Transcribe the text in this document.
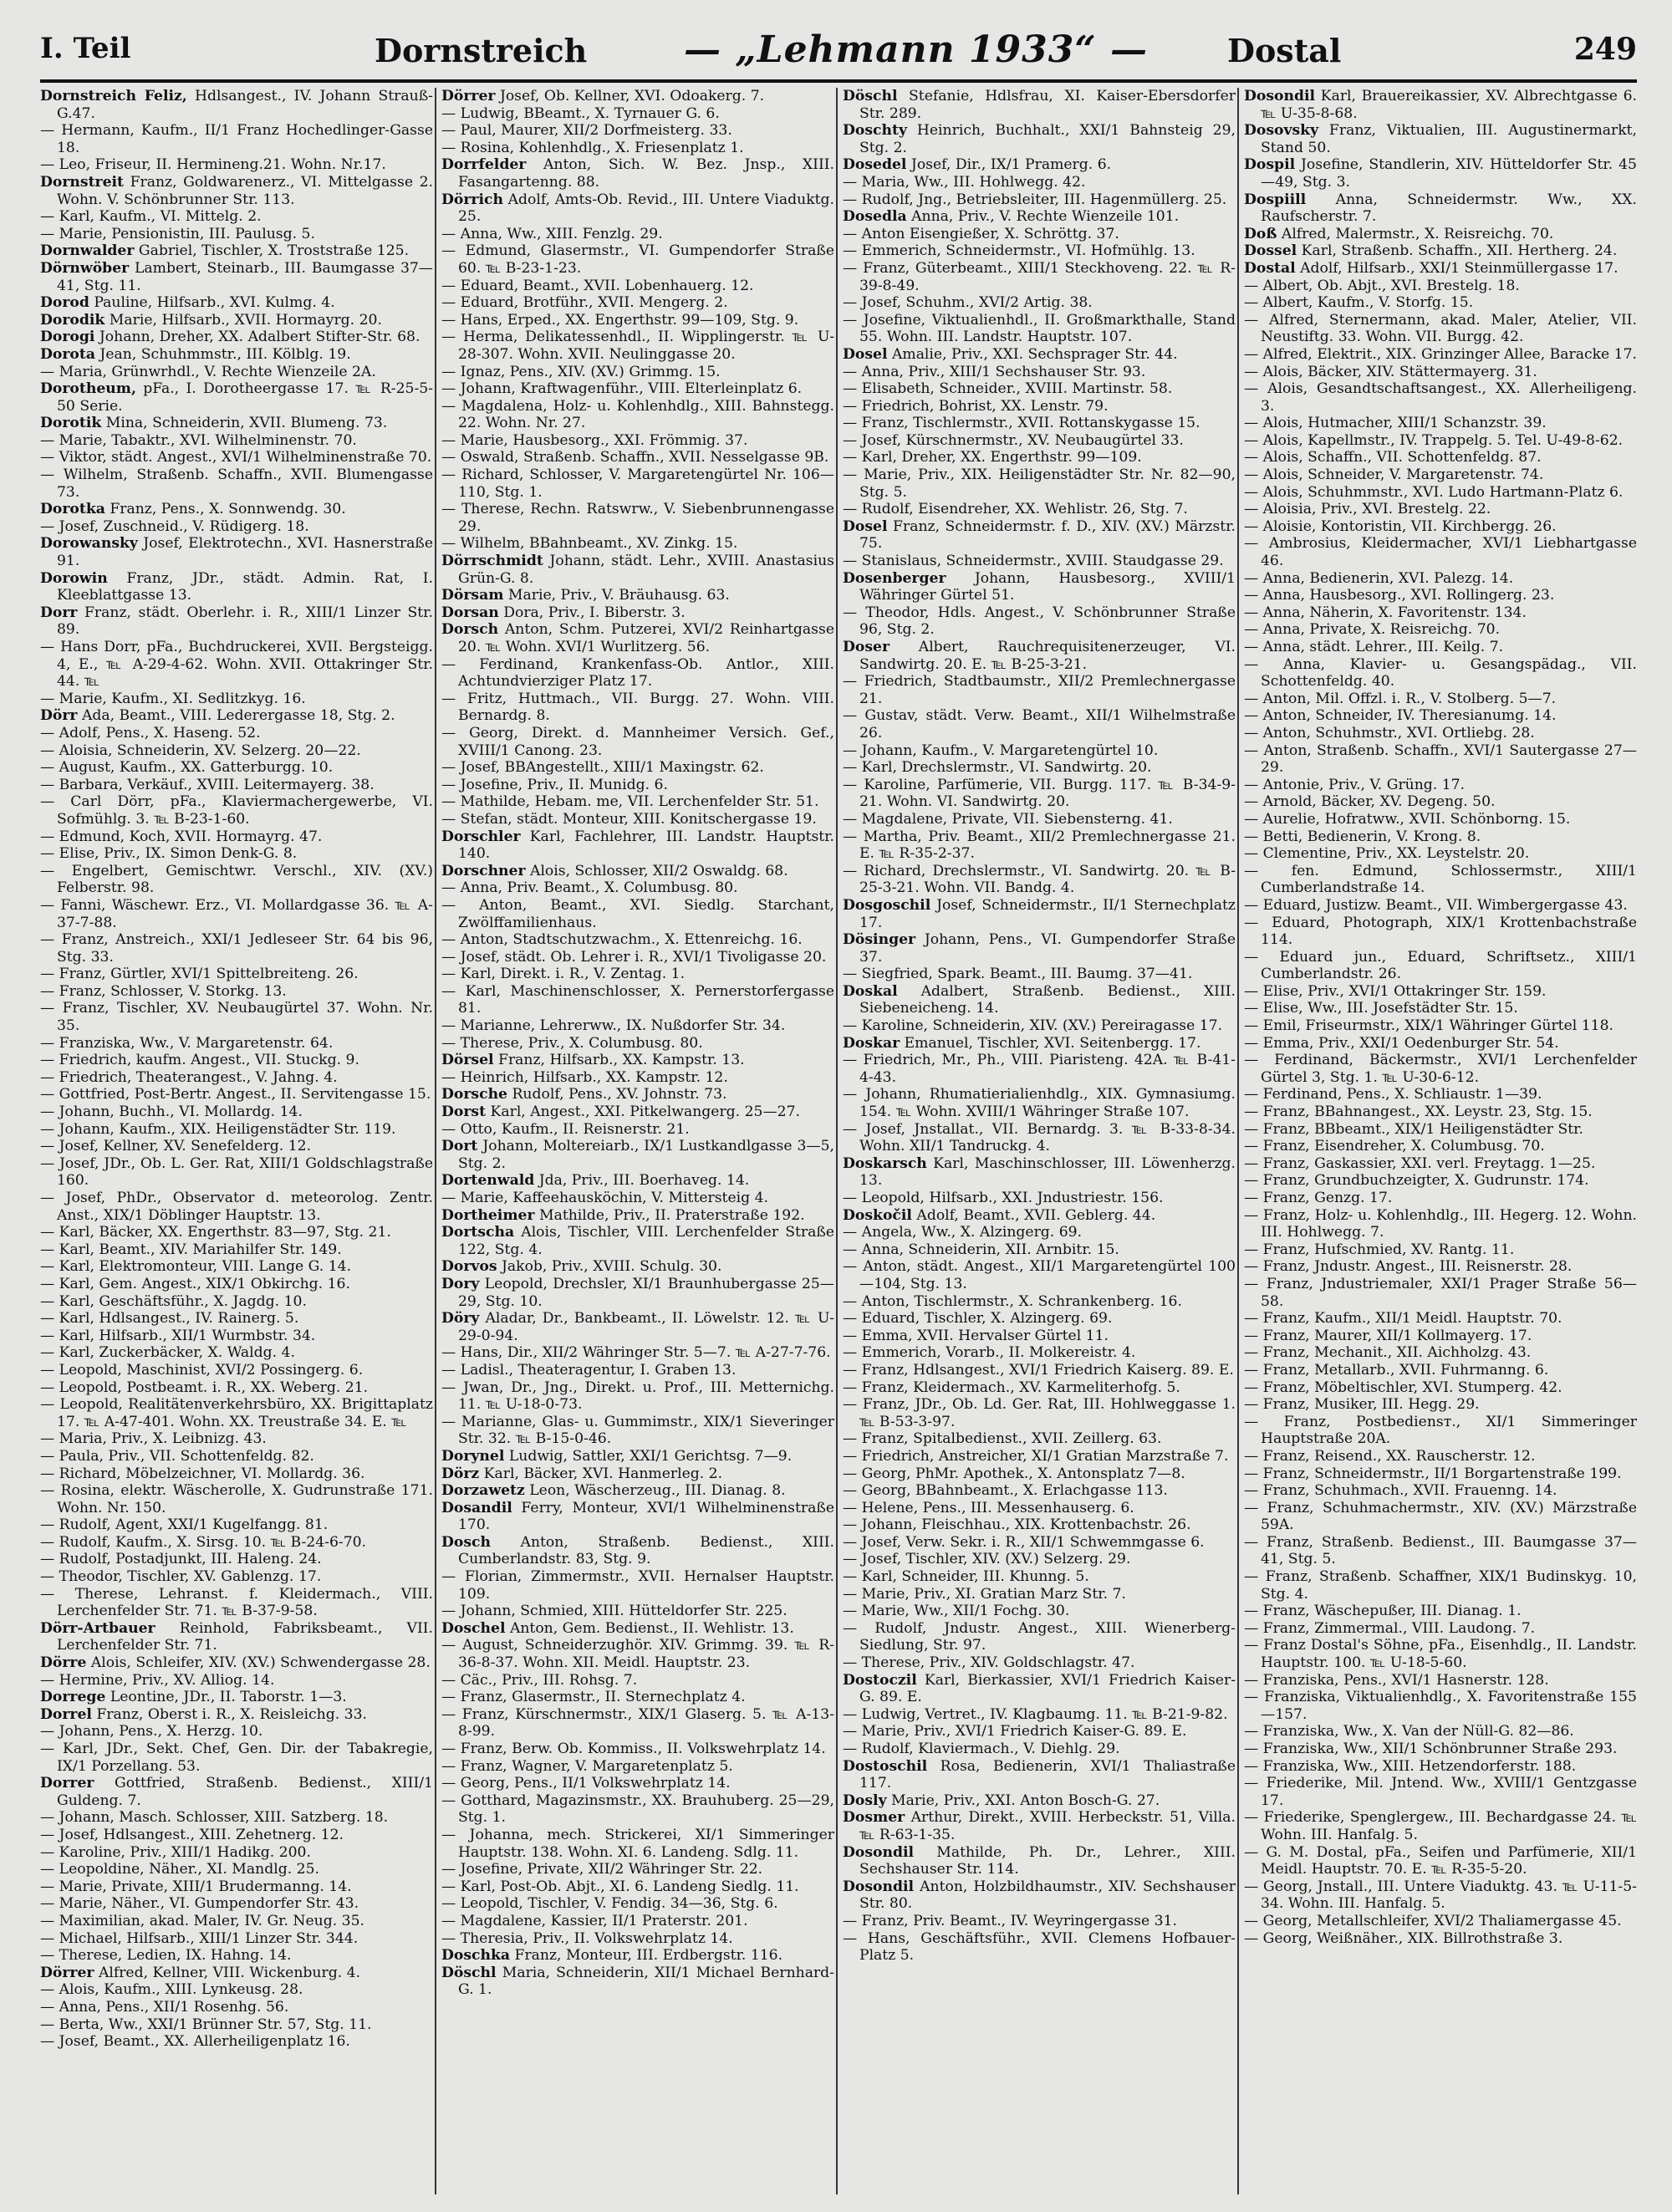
I. Teil	Dornstreich	— „Lehmann 1933“ — Dostal	249

Dornstreich Feliz, Hdlsangest., IV. Johann Strauß-G.47.

— Hermann, Kaufm., II/1 Franz Hochedlinger-Gasse 18.

— Leo, Friseur, II. Hermineng.21. Wohn. Nr.17.

Dornstreit Franz, Goldwarenerz., VI. Mittelgasse 2. Wohn. V. Schönbrunner Str. 113.

— Karl, Kaufm., VI. Mittelg. 2.

— Marie, Pensionistin, III. Paulusg. 5.

Dornwalder Gabriel, Tischler, X. Troststraße 125.

Dörnwöber Lambert, Steinarb., III. Baumgasse 37—41, Stg. 11.

Dorod Pauline, Hilfsarb., XVI. Kulmg. 4.

Dorodik Marie, Hilfsarb., XVII. Hormayrg. 20.

Dorogi Johann, Dreher, XX. Adalbert Stifter-Str. 68.

Dorota Jean, Schuhmmstr., III. Kölblg. 19.

— Maria, Grünwrhdl., V. Rechte Wienzeile 2A.

Dorotheum, pFa., I. Dorotheergasse 17. ℡ R-25-5-50 Serie.

Dorotik Mina, Schneiderin, XVII. Blumeng. 73.

— Marie, Tabaktr., XVI. Wilhelminenstr. 70.

— Viktor, städt. Angest., XVI/1 Wilhelminenstraße 70.

— Wilhelm, Straßenb. Schaffn., XVII. Blumengasse 73.

Dorotka Franz, Pens., X. Sonnwendg. 30.

— Josef, Zuschneid., V. Rüdigerg. 18.

Dorowansky Josef, Elektrotechn., XVI. Hasnerstraße 91.

Dorowin Franz, JDr., städt. Admin. Rat, I. Kleeblattgasse 13.

Dorr Franz, städt. Oberlehr. i. R., XIII/1 Linzer Str. 89.

— Hans Dorr, pFa., Buchdruckerei, XVII. Bergsteigg. 4, E., ℡ A-29-4-62. Wohn. XVII. Ottakringer Str. 44. ℡

— Marie, Kaufm., XI. Sedlitzkyg. 16.

Dörr Ada, Beamt., VIII. Lederergasse 18, Stg. 2.

— Adolf, Pens., X. Haseng. 52.

— Aloisia, Schneiderin, XV. Selzerg. 20—22.

— August, Kaufm., XX. Gatterburgg. 10.

— Barbara, Verkäuf., XVIII. Leitermayerg. 38.

— Carl Dörr, pFa., Klaviermachergewerbe, VI. Sofmühlg. 3. ℡ B-23-1-60.

— Edmund, Koch, XVII. Hormayrg. 47.

— Elise, Priv., IX. Simon Denk-G. 8.

— Engelbert, Gemischtwr. Verschl., XIV. (XV.) Felberstr. 98.

— Fanni, Wäschewr. Erz., VI. Mollardgasse 36. ℡ A-37-7-88.

— Franz, Anstreich., XXI/1 Jedleseer Str. 64 bis 96, Stg. 33.

— Franz, Gürtler, XVI/1 Spittelbreiteng. 26.

— Franz, Schlosser, V. Storkg. 13.

— Franz, Tischler, XV. Neubaugürtel 37. Wohn. Nr. 35.

— Franziska, Ww., V. Margaretenstr. 64.

— Friedrich, kaufm. Angest., VII. Stuckg. 9.

— Friedrich, Theaterangest., V. Jahng. 4.

— Gottfried, Post-Bertr. Angest., II. Servitengasse 15.

— Johann, Buchh., VI. Mollardg. 14.

— Johann, Kaufm., XIX. Heiligenstädter Str. 119.

— Josef, Kellner, XV. Senefelderg. 12.

— Josef, JDr., Ob. L. Ger. Rat, XIII/1 Goldschlagstraße 160.

— Josef, PhDr., Observator d. meteorolog. Zentr. Anst., XIX/1 Döblinger Hauptstr. 13.

— Karl, Bäcker, XX. Engerthstr. 83—97, Stg. 21.

— Karl, Beamt., XIV. Mariahilfer Str. 149.

— Karl, Elektromonteur, VIII. Lange G. 14.

— Karl, Gem. Angest., XIX/1 Obkirchg. 16.

— Karl, Geschäftsführ., X. Jagdg. 10.

— Karl, Hdlsangest., IV. Rainerg. 5.

— Karl, Hilfsarb., XII/1 Wurmbstr. 34.

— Karl, Zuckerbäcker, X. Waldg. 4.

— Leopold, Maschinist, XVI/2 Possingerg. 6.

— Leopold, Postbeamt. i. R., XX. Weberg. 21.

— Leopold, Realitätenverkehrsbüro, XX. Brigittaplatz 17. ℡ A-47-401. Wohn. XX. Treustraße 34. E. ℡

— Maria, Priv., X. Leibnizg. 43.

— Paula, Priv., VII. Schottenfeldg. 82.

— Richard, Möbelzeichner, VI. Mollardg. 36.

— Rosina, elektr. Wäscherolle, X. Gudrunstraße 171. Wohn. Nr. 150.

— Rudolf, Agent, XXI/1 Kugelfangg. 81.

— Rudolf, Kaufm., X. Sirsg. 10. ℡ B-24-6-70.

— Rudolf, Postadjunkt, III. Haleng. 24.

— Theodor, Tischler, XV. Gablenzg. 17.

— Therese, Lehranst. f. Kleidermach., VIII. Lerchenfelder Str. 71. ℡ B-37-9-58.

Dörr-Artbauer Reinhold, Fabriksbeamt., VII. Lerchenfelder Str. 71.

Dörre Alois, Schleifer, XIV. (XV.) Schwendergasse 28.

— Hermine, Priv., XV. Alliog. 14.

Dorrege Leontine, JDr., II. Taborstr. 1—3.

Dorrel Franz, Oberst i. R., X. Reisleichg. 33.

— Johann, Pens., X. Herzg. 10.

— Karl, JDr., Sekt. Chef, Gen. Dir. der Tabakregie, IX/1 Porzellang. 53.

Dorrer Gottfried, Straßenb. Bedienst., XIII/1 Guldeng. 7.

— Johann, Masch. Schlosser, XIII. Satzberg. 18.

— Josef, Hdlsangest., XIII. Zehetnerg. 12.

— Karoline, Priv., XIII/1 Hadikg. 200.

— Leopoldine, Näher., XI. Mandlg. 25.

— Marie, Private, XIII/1 Brudermanng. 14.

— Marie, Näher., VI. Gumpendorfer Str. 43.

— Maximilian, akad. Maler, IV. Gr. Neug. 35.

— Michael, Hilfsarb., XIII/1 Linzer Str. 344.

— Therese, Ledien, IX. Hahng. 14.

Dörrer Alfred, Kellner, VIII. Wickenburg. 4.

— Alois, Kaufm., XIII. Lynkeusg. 28.

— Anna, Pens., XII/1 Rosenhg. 56.

— Berta, Ww., XXI/1 Brünner Str. 57, Stg. 11.

— Josef, Beamt., XX. Allerheiligenplatz 16.

Dörrer Josef, Ob. Kellner, XVI. Odoakerg. 7.

— Ludwig, BBeamt., X. Tyrnauer G. 6.

— Paul, Maurer, XII/2 Dorfmeisterg. 33.

— Rosina, Kohlenhdlg., X. Friesenplatz 1.

Dorrfelder Anton, Sich. W. Bez. Jnsp., XIII. Fasangartenng. 88.

Dörrich Adolf, Amts-Ob. Revid., III. Untere Viaduktg. 25.

— Anna, Ww., XIII. Fenzlg. 29.

— Edmund, Glasermstr., VI. Gumpendorfer Straße 60. ℡ B-23-1-23.

— Eduard, Beamt., XVII. Lobenhauerg. 12.

— Eduard, Brotführ., XVII. Mengerg. 2.

— Hans, Erped., XX. Engerthstr. 99—109, Stg. 9.

— Herma, Delikatessenhdl., II. Wipplingerstr. ℡ U-28-307. Wohn. XVII. Neulinggasse 20.

— Ignaz, Pens., XIV. (XV.) Grimmg. 15.

— Johann, Kraftwagenführ., VIII. Elterleinplatz 6.

— Magdalena, Holz- u. Kohlenhdlg., XIII. Bahnstegg. 22. Wohn. Nr. 27.

— Marie, Hausbesorg., XXI. Frömmig. 37.

— Oswald, Straßenb. Schaffn., XVII. Nesselgasse 9B.

— Richard, Schlosser, V. Margaretengürtel Nr. 106—110, Stg. 1.

— Therese, Rechn. Ratswrw., V. Siebenbrunnengasse 29.

— Wilhelm, BBahnbeamt., XV. Zinkg. 15.

Dörrschmidt Johann, städt. Lehr., XVIII. Anastasius Grün-G. 8.

Dörsam Marie, Priv., V. Bräuhausg. 63.

Dorsan Dora, Priv., I. Biberstr. 3.

Dorsch Anton, Schm. Putzerei, XVI/2 Reinhartgasse 20. ℡ Wohn. XVI/1 Wurlitzerg. 56.

— Ferdinand, Krankenfass-Ob. Antlor., XIII. Achtundvierziger Platz 17.

— Fritz, Huttmach., VII. Burgg. 27. Wohn. VIII. Bernardg. 8.

— Georg, Direkt. d. Mannheimer Versich. Gef., XVIII/1 Canong. 23.

— Josef, BBAngestellt., XIII/1 Maxingstr. 62.

— Josefine, Priv., II. Munidg. 6.

— Mathilde, Hebam. me, VII. Lerchenfelder Str. 51.

— Stefan, städt. Monteur, XIII. Konitschergasse 19.

Dorschler Karl, Fachlehrer, III. Landstr. Hauptstr. 140.

Dorschner Alois, Schlosser, XII/2 Oswaldg. 68.

— Anna, Priv. Beamt., X. Columbusg. 80.

— Anton, Beamt., XVI. Siedlg. Starchant, Zwölffamilienhaus.

— Anton, Stadtschutzwachm., X. Ettenreichg. 16.

— Josef, städt. Ob. Lehrer i. R., XVI/1 Tivoligasse 20.

— Karl, Direkt. i. R., V. Zentag. 1.

— Karl, Maschinenschlosser, X. Pernerstorfergasse 81.

— Marianne, Lehrerww., IX. Nußdorfer Str. 34.

— Therese, Priv., X. Columbusg. 80.

Dörsel Franz, Hilfsarb., XX. Kampstr. 13.

— Heinrich, Hilfsarb., XX. Kampstr. 12.

Dorsche Rudolf, Pens., XV. Johnstr. 73.

Dorst Karl, Angest., XXI. Pitkelwangerg. 25—27.

— Otto, Kaufm., II. Reisnerstr. 21.

Dort Johann, Moltereiarb., IX/1 Lustkandlgasse 3—5, Stg. 2.

Dortenwald Jda, Priv., III. Boerhaveg. 14.

— Marie, Kaffeehausköchin, V. Mittersteig 4.

Dortheimer Mathilde, Priv., II. Praterstraße 192.

Dortscha Alois, Tischler, VIII. Lerchenfelder Straße 122, Stg. 4.

Dorvos Jakob, Priv., XVIII. Schulg. 30.

Dory Leopold, Drechsler, XI/1 Braunhubergasse 25—29, Stg. 10.

Döry Aladar, Dr., Bankbeamt., II. Löwelstr. 12. ℡ U-29-0-94.

— Hans, Dir., XII/2 Währinger Str. 5—7. ℡ A-27-7-76.

— Ladisl., Theateragentur, I. Graben 13.

— Jwan, Dr., Jng., Direkt. u. Prof., III. Metternichg. 11. ℡ U-18-0-73.

— Marianne, Glas- u. Gummimstr., XIX/1 Sieveringer Str. 32. ℡ B-15-0-46.

Dorynel Ludwig, Sattler, XXI/1 Gerichtsg. 7—9.

Dörz Karl, Bäcker, XVI. Hanmerleg. 2.

Dorzawetz Leon, Wäscherzeug., III. Dianag. 8.

Dosandil Ferry, Monteur, XVI/1 Wilhelminenstraße 170.

Dosch Anton, Straßenb. Bedienst., XIII. Cumberlandstr. 83, Stg. 9.

— Florian, Zimmermstr., XVII. Hernalser Hauptstr. 109.

— Johann, Schmied, XIII. Hütteldorfer Str. 225.

Doschel Anton, Gem. Bedienst., II. Wehlistr. 13.

— August, Schneiderzughör. XIV. Grimmg. 39. ℡ R-36-8-37. Wohn. XII. Meidl. Hauptstr. 23.

— Cäc., Priv., III. Rohsg. 7.

— Franz, Glasermstr., II. Sternechplatz 4.

— Franz, Kürschnermstr., XIX/1 Glaserg. 5. ℡ A-13-8-99.

— Franz, Berw. Ob. Kommiss., II. Volkswehrplatz 14.

— Franz, Wagner, V. Margaretenplatz 5.

— Georg, Pens., II/1 Volkswehrplatz 14.

— Gotthard, Magazinsmstr., XX. Brauhuberg. 25—29, Stg. 1.

— Johanna, mech. Strickerei, XI/1 Simmeringer Hauptstr. 138. Wohn. XI. 6. Landeng. Sdlg. 11.

— Josefine, Private, XII/2 Währinger Str. 22.

— Karl, Post-Ob. Abjt., XI. 6. Landeng Siedlg. 11.

— Leopold, Tischler, V. Fendig. 34—36, Stg. 6.

— Magdalene, Kassier, II/1 Praterstr. 201.

— Theresia, Priv., II. Volkswehrplatz 14.

Doschka Franz, Monteur, III. Erdbergstr. 116.

Döschl Maria, Schneiderin, XII/1 Michael Bernhard-G. 1.

Döschl Stefanie, Hdlsfrau, XI. Kaiser-Ebersdorfer Str. 289.

Doschty Heinrich, Buchhalt., XXI/1 Bahnsteig 29, Stg. 2.

Dosedel Josef, Dir., IX/1 Pramerg. 6.

— Maria, Ww., III. Hohlwegg. 42.

— Rudolf, Jng., Betriebsleiter, III. Hagenmüllerg. 25.

Dosedla Anna, Priv., V. Rechte Wienzeile 101.

— Anton Eisengießer, X. Schröttg. 37.

— Emmerich, Schneidermstr., VI. Hofmühlg. 13.

— Franz, Güterbeamt., XIII/1 Steckhoveng. 22. ℡ R-39-8-49.

— Josef, Schuhm., XVI/2 Artig. 38.

— Josefine, Viktualienhdl., II. Großmarkthalle, Stand 55. Wohn. III. Landstr. Hauptstr. 107.

Dosel Amalie, Priv., XXI. Sechsprager Str. 44.

— Anna, Priv., XIII/1 Sechshauser Str. 93.

— Elisabeth, Schneider., XVIII. Martinstr. 58.

— Friedrich, Bohrist, XX. Lenstr. 79.

— Franz, Tischlermstr., XVII. Rottanskygasse 15.

— Josef, Kürschnermstr., XV. Neubaugürtel 33.

— Karl, Dreher, XX. Engerthstr. 99—109.

— Marie, Priv., XIX. Heiligenstädter Str. Nr. 82—90, Stg. 5.

— Rudolf, Eisendreher, XX. Wehlistr. 26, Stg. 7.

Dosel Franz, Schneidermstr. f. D., XIV. (XV.) Märzstr. 75.

— Stanislaus, Schneidermstr., XVIII. Staudgasse 29.

Dosenberger Johann, Hausbesorg., XVIII/1 Währinger Gürtel 51.

— Theodor, Hdls. Angest., V. Schönbrunner Straße 96, Stg. 2.

Doser Albert, Rauchrequisitenerzeuger, VI. Sandwirtg. 20. E. ℡ B-25-3-21.

— Friedrich, Stadtbaumstr., XII/2 Premlechnergasse 21.

— Gustav, städt. Verw. Beamt., XII/1 Wilhelmstraße 26.

— Johann, Kaufm., V. Margaretengürtel 10.

— Karl, Drechslermstr., VI. Sandwirtg. 20.

— Karoline, Parfümerie, VII. Burgg. 117. ℡ B-34-9-21. Wohn. VI. Sandwirtg. 20.

— Magdalene, Private, VII. Siebensterng. 41.

— Martha, Priv. Beamt., XII/2 Premlechnergasse 21. E. ℡ R-35-2-37.

— Richard, Drechslermstr., VI. Sandwirtg. 20. ℡ B-25-3-21. Wohn. VII. Bandg. 4.

Dosgoschil Josef, Schneidermstr., II/1 Sternechplatz 17.

Dösinger Johann, Pens., VI. Gumpendorfer Straße 37.

— Siegfried, Spark. Beamt., III. Baumg. 37—41.

Doskal Adalbert, Straßenb. Bedienst., XIII. Siebeneicheng. 14.

— Karoline, Schneiderin, XIV. (XV.) Pereiragasse 17.

Doskar Emanuel, Tischler, XVI. Seitenbergg. 17.

— Friedrich, Mr., Ph., VIII. Piaristeng. 42A. ℡ B-41-4-43.

— Johann, Rhumatierialienhdlg., XIX. Gymnasiumg. 154. ℡ Wohn. XVIII/1 Währinger Straße 107.

— Josef, Jnstallat., VII. Bernardg. 3. ℡ B-33-8-34. Wohn. XII/1 Tandruckg. 4.

Doskarsch Karl, Maschinschlosser, III. Löwenherzg. 13.

— Leopold, Hilfsarb., XXI. Jndustriestr. 156.

Doskočil Adolf, Beamt., XVII. Geblerg. 44.

— Angela, Ww., X. Alzingerg. 69.

— Anna, Schneiderin, XII. Arnbitr. 15.

— Anton, städt. Angest., XII/1 Margaretengürtel 100—104, Stg. 13.

— Anton, Tischlermstr., X. Schrankenberg. 16.

— Eduard, Tischler, X. Alzingerg. 69.

— Emma, XVII. Hervalser Gürtel 11.

— Emmerich, Vorarb., II. Molkereistr. 4.

— Franz, Hdlsangest., XVI/1 Friedrich Kaiserg. 89. E.

— Franz, Kleidermach., XV. Karmeliterhofg. 5.

— Franz, JDr., Ob. Ld. Ger. Rat, III. Hohlweggasse 1. ℡ B-53-3-97.

— Franz, Spitalbedienst., XVII. Zeillerg. 63.

— Friedrich, Anstreicher, XI/1 Gratian Marzstraße 7.

— Georg, PhMr. Apothek., X. Antonsplatz 7—8.

— Georg, BBahnbeamt., X. Erlachgasse 113.

— Helene, Pens., III. Messenhauserg. 6.

— Johann, Fleischhau., XIX. Krottenbachstr. 26.

— Josef, Verw. Sekr. i. R., XII/1 Schwemmgasse 6.

— Josef, Tischler, XIV. (XV.) Selzerg. 29.

— Karl, Schneider, III. Khunng. 5.

— Marie, Priv., XI. Gratian Marz Str. 7.

— Marie, Ww., XII/1 Fochg. 30.

— Rudolf, Jndustr. Angest., XIII. Wienerberg-Siedlung, Str. 97.

— Therese, Priv., XIV. Goldschlagstr. 47.

Dostoczil Karl, Bierkassier, XVI/1 Friedrich Kaiser-G. 89. E.

— Ludwig, Vertret., IV. Klagbaumg. 11. ℡ B-21-9-82.

— Marie, Priv., XVI/1 Friedrich Kaiser-G. 89. E.

— Rudolf, Klaviermach., V. Diehlg. 29.

Dostoschil Rosa, Bedienerin, XVI/1 Thaliastraße 117.

Dosly Marie, Priv., XXI. Anton Bosch-G. 27.

Dosmer Arthur, Direkt., XVIII. Herbeckstr. 51, Villa. ℡ R-63-1-35.

Dosondil Mathilde, Ph. Dr., Lehrer., XIII. Sechshauser Str. 114.

Dosondil Anton, Holzbildhaumstr., XIV. Sechshauser Str. 80.

— Franz, Priv. Beamt., IV. Weyringergasse 31.

— Hans, Geschäftsführ., XVII. Clemens Hofbauer-Platz 5.

Dosondil Karl, Brauereikassier, XV. Albrechtgasse 6. ℡ U-35-8-68.

Dosovsky Franz, Viktualien, III. Augustinermarkt, Stand 50.

Dospil Josefine, Standlerin, XIV. Hütteldorfer Str. 45—49, Stg. 3.

Dospiill Anna, Schneidermstr. Ww., XX. Raufscherstr. 7.

Doß Alfred, Malermstr., X. Reisreichg. 70.

Dossel Karl, Straßenb. Schaffn., XII. Hertherg. 24.

Dostal Adolf, Hilfsarb., XXI/1 Steinmüllergasse 17.

— Albert, Ob. Abjt., XVI. Brestelg. 18.

— Albert, Kaufm., V. Storfg. 15.

— Alfred, Sternermann, akad. Maler, Atelier, VII. Neustiftg. 33. Wohn. VII. Burgg. 42.

— Alfred, Elektrit., XIX. Grinzinger Allee, Baracke 17.

— Alois, Bäcker, XIV. Stättermayerg. 31.

— Alois, Gesandtschaftsangest., XX. Allerheiligeng. 3.

— Alois, Hutmacher, XIII/1 Schanzstr. 39.

— Alois, Kapellmstr., IV. Trappelg. 5. Tel. U-49-8-62.

— Alois, Schaffn., VII. Schottenfeldg. 87.

— Alois, Schneider, V. Margaretenstr. 74.

— Alois, Schuhmmstr., XVI. Ludo Hartmann-Platz 6.

— Aloisia, Priv., XVI. Brestelg. 22.

— Aloisie, Kontoristin, VII. Kirchbergg. 26.

— Ambrosius, Kleidermacher, XVI/1 Liebhartgasse 46.

— Anna, Bedienerin, XVI. Palezg. 14.

— Anna, Hausbesorg., XVI. Rollingerg. 23.

— Anna, Näherin, X. Favoritenstr. 134.

— Anna, Private, X. Reisreichg. 70.

— Anna, städt. Lehrer., III. Keilg. 7.

— Anna, Klavier- u. Gesangspädag., VII. Schottenfeldg. 40.

— Anton, Mil. Offzl. i. R., V. Stolberg. 5—7.

— Anton, Schneider, IV. Theresianumg. 14.

— Anton, Schuhmstr., XVI. Ortliebg. 28.

— Anton, Straßenb. Schaffn., XVI/1 Sautergasse 27—29.

— Antonie, Priv., V. Grüng. 17.

— Arnold, Bäcker, XV. Degeng. 50.

— Aurelie, Hofratww., XVII. Schönborng. 15.

— Betti, Bedienerin, V. Krong. 8.

— Clementine, Priv., XX. Leystelstr. 20.

— fen. Edmund, Schlossermstr., XIII/1 Cumberlandstraße 14.

— Eduard, Justizw. Beamt., VII. Wimbergergasse 43.

— Eduard, Photograph, XIX/1 Krottenbachstraße 114.

— Eduard jun., Eduard, Schriftsetz., XIII/1 Cumberlandstr. 26.

— Elise, Priv., XVI/1 Ottakringer Str. 159.

— Elise, Ww., III. Josefstädter Str. 15.

— Emil, Friseurmstr., XIX/1 Währinger Gürtel 118.

— Emma, Priv., XXI/1 Oedenburger Str. 54.

— Ferdinand, Bäckermstr., XVI/1 Lerchenfelder Gürtel 3, Stg. 1. ℡ U-30-6-12.

— Ferdinand, Pens., X. Schliaustr. 1—39.

— Franz, BBahnangest., XX. Leystr. 23, Stg. 15.

— Franz, BBbeamt., XIX/1 Heiligenstädter Str.

— Franz, Eisendreher, X. Columbusg. 70.

— Franz, Gaskassier, XXI. verl. Freytagg. 1—25.

— Franz, Grundbuchzeigter, X. Gudrunstr. 174.

— Franz, Genzg. 17.

— Franz, Holz- u. Kohlenhdlg., III. Hegerg. 12. Wohn. III. Hohlwegg. 7.

— Franz, Hufschmied, XV. Rantg. 11.

— Franz, Jndustr. Angest., III. Reisnerstr. 28.

— Franz, Jndustriemaler, XXI/1 Prager Straße 56—58.

— Franz, Kaufm., XII/1 Meidl. Hauptstr. 70.

— Franz, Maurer, XII/1 Kollmayerg. 17.

— Franz, Mechanit., XII. Aichholzg. 43.

— Franz, Metallarb., XVII. Fuhrmanng. 6.

— Franz, Möbeltischler, XVI. Stumperg. 42.

— Franz, Musiker, III. Hegg. 29.

— Franz, Postbediensт., XI/1 Simmeringer Hauptstraße 20A.

— Franz, Reisend., XX. Rauscherstr. 12.

— Franz, Schneidermstr., II/1 Borgartenstraße 199.

— Franz, Schuhmach., XVII. Frauenng. 14.

— Franz, Schuhmachermstr., XIV. (XV.) Märzstraße 59A.

— Franz, Straßenb. Bedienst., III. Baumgasse 37—41, Stg. 5.

— Franz, Straßenb. Schaffner, XIX/1 Budinskyg. 10, Stg. 4.

— Franz, Wäschepußer, III. Dianag. 1.

— Franz, Zimmermal., VIII. Laudong. 7.

— Franz Dostal's Söhne, pFa., Eisenhdlg., II. Landstr. Hauptstr. 100. ℡ U-18-5-60.

— Franziska, Pens., XVI/1 Hasnerstr. 128.

— Franziska, Viktualienhdlg., X. Favoritenstraße 155—157.

— Franziska, Ww., X. Van der Nüll-G. 82—86.

— Franziska, Ww., XII/1 Schönbrunner Straße 293.

— Franziska, Ww., XIII. Hetzendorferstr. 188.

— Friederike, Mil. Jntend. Ww., XVIII/1 Gentzgasse 17.

— Friederike, Spenglergew., III. Bechardgasse 24. ℡ Wohn. III. Hanfalg. 5.

— G. M. Dostal, pFa., Seifen und Parfümerie, XII/1 Meidl. Hauptstr. 70. E. ℡ R-35-5-20.

— Georg, Jnstall., III. Untere Viaduktg. 43. ℡ U-11-5-34. Wohn. III. Hanfalg. 5.

— Georg, Metallschleifer, XVI/2 Thaliamergasse 45.

— Georg, Weißnäher., XIX. Billrothstraße 3.
